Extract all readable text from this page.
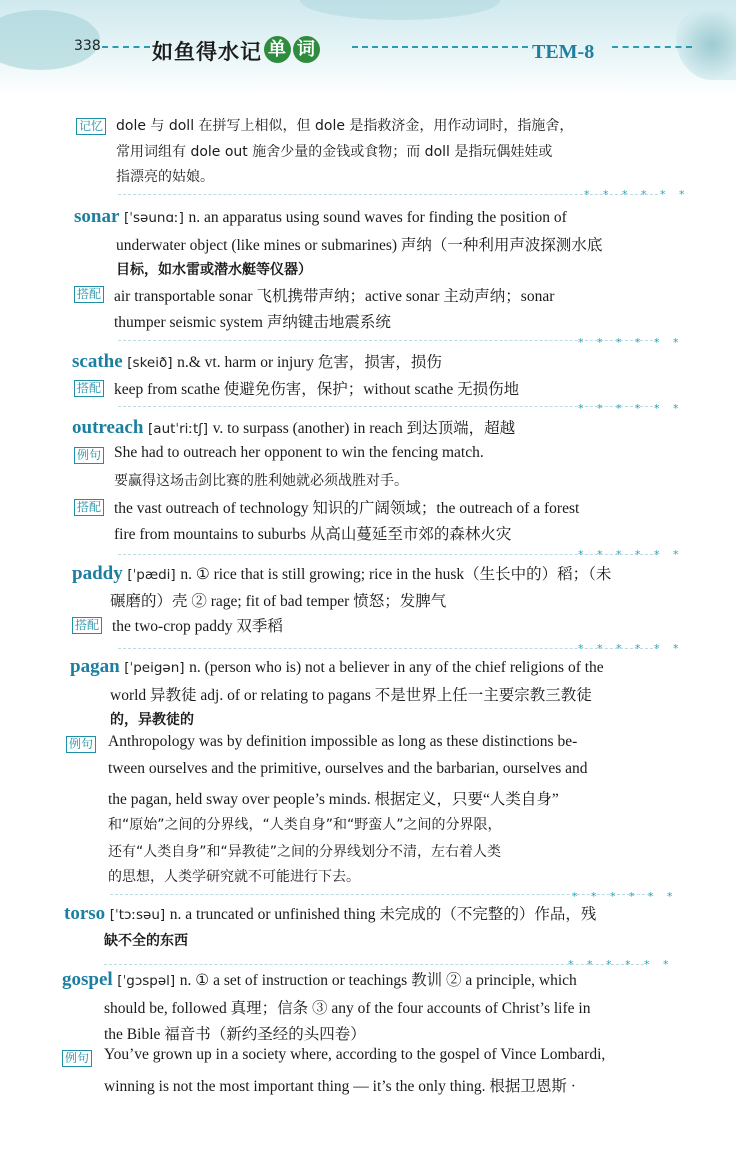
338 如鱼得水记 单 词	TEM-8
记忆 dole 与 doll 在拼写上相似，但 dole 是指救济金，用作动词时，指施舍，
常用词组有 dole out 施舍少量的金钱或食物；而 doll 是指玩偶娃娃或
指漂亮的姑娘。
* * * * * *
sonar [ˈsəunɑː] n. an apparatus using sound waves for finding the position of
underwater object (like mines or submarines) 声纳（一种利用声波探测水底
目标，如水雷或潜水艇等仪器）
搭配 air transportable sonar 飞机携带声纳；active sonar 主动声纳；sonar
thumper seismic system 声纳键击地震系统
* * * * * *
scathe [skeið] n.& vt. harm or injury 危害，损害，损伤
搭配 keep from scathe 使避免伤害，保护；without scathe 无损伤地
* * * * * *
outreach [autˈriːtʃ] v. to surpass (another) in reach 到达顶端，超越
例句 She had to outreach her opponent to win the fencing match.
要赢得这场击剑比赛的胜利她就必须战胜对手。
搭配 the vast outreach of technology 知识的广阔领域；the outreach of a forest
fire from mountains to suburbs 从高山蔓延至市郊的森林火灾
* * * * * *
paddy [ˈpædi] n. ① rice that is still growing; rice in the husk（生长中的）稻；（未
碾磨的）壳 ② rage; fit of bad temper 愤怒；发脾气
搭配 the two-crop paddy 双季稻
* * * * * *
pagan [ˈpeigən] n. (person who is) not a believer in any of the chief religions of the
world 异教徒 adj. of or relating to pagans 不是世界上任一主要宗教三教徒
的，异教徒的
例句 Anthropology was by definition impossible as long as these distinctions be-
tween ourselves and the primitive, ourselves and the barbarian, ourselves and
the pagan, held sway over people’s minds. 根据定义，只要“人类自身”
和“原始”之间的分界线，“人类自身”和“野蛮人”之间的分界限，
还有“人类自身”和“异教徒”之间的分界线划分不清，左右着人类
的思想，人类学研究就不可能进行下去。
* * * * * *
torso [ˈtɔːsəu] n. a truncated or unfinished thing 未完成的（不完整的）作品，残
缺不全的东西
* * * * * *
gospel [ˈgɔspəl] n. ① a set of instruction or teachings 教训 ② a principle, which
should be, followed 真理；信条 ③ any of the four accounts of Christ’s life in
the Bible 福音书（新约圣经的头四卷）
例句 You’ve grown up in a society where, according to the gospel of Vince Lombardi,
winning is not the most important thing — it’s the only thing. 根据卫恩斯 ·
